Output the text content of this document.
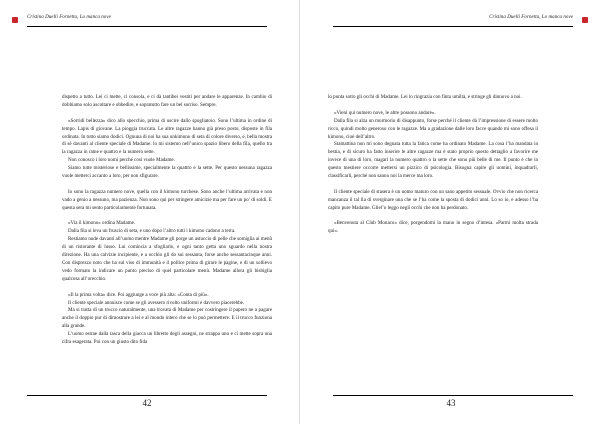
Cristina Duelli Fornetta, Lo manca nove

dispetto a tutto. Lei ci mette, ci consola, e ci dà tantibei vestiti per andare le apparenze. In cambio di dobbiamo solo ascoltare e obbedire, e sopratutto fare un bel sorriso. Sempre.

«Sorridi bellezza» dico allo specchio, prima di uscire dallo spogliatoio. Sono l’ultima in ordine di tempo. Lapis di giovane. La pioggia truccata. Le altre ragazze hanno già preso posto, disposte in fila ordinata. In tutto siamo dodici. Ognuna di noi ha sua unkimono di seta di colore diverso, e, bella mostra di sé davanti al cliente speciale di Madame. lo mi sistemo nell’unico spazio libero della fila, quello tra la ragazza in rame e quattro e la numero sette.

Non conosco i loro nomi perché così vuole Madame.

Siamo tutte misteriose e bellissime, specialmente la quattro e la sette. Per questo nessuna ragazza vuole metterci accanto a loro, per non sfigurare.

Io sono la ragazza numero nove, quella con il kimono turchese. Sono anche l’ultima arrivata e non vado a genio a nessuno, ma pazienza. Non sono qui per stringere amicizie ma per fare un po’ di soldi. E questa sera mi sento particolarmente fortunata.

«Via il kimono» ordina Madame.

Dalla fila si leva un fruscio di seta, e uno dopo l’altro tutti i kimono cadono a terra.

Restiamo nude davanti all’uomo mentre Madame gli porge un astuccio di pelle che somiglia ai menù di un ristorante di lusso. Lui comincia a sfogliarlo, e ogni tanto getta uno sguardo nella nostra direzione. Ha una calvizie incipiente, e a occhio gli do sui sessanta, forse anche sessantacinque anni. Con disprezzo noto che ha sul viso di immunità e il pollice prima di girare le pagine, e di un sollievo vedo formato la indicare un punto preciso di quel particolare menù. Madame allora gli bisbiglia qualcosa all’orecchio.

«Il la prima volta» dice. Poi aggiunge a voce più alta: «Conta di più».

Il cliente speciale annuisce come se gli avessero rivolto uniformi e davvero piacerebbe.

Ma si tratta di un trucco naturalmente, una trovata di Madame per costringere il papero ne a pagare anche il doppio pur di dimostrare a lei e al mondo intero che se lo può permettere. E il trucco funziona alla grande.

L’uomo estrae dalla tasca della giacca un libretto degli assegni, ne strappa uno e ci mette sopra una cifra esagerata. Poi con un giusto dito fida

42
Cristina Duelli Fornetta, Lo manca nove

lo punta sotto gli occhi di Madame. Lei lo ringrazia con finta umiltà, e stringe gli dinnovo a noi.

«Vieni qui numero nove, le altre possono andare».

Dalla fila si alza un mormorio di disappunto, forse perché il cliente dà l’impressione di essere molto ricco, quindi molto generoso con le ragazze. Ma a gradazione dalle loro facce quando mi sono offesa il kimono, cioè dell’altro.

Stamattina non mi sono degnata tutta la fatica come ha ordinato Madame. La cosa l’ha mandata in bestia, e di sicuro ha fatto inserire le altre ragazze ma è stato proprio questo dettaglio a favorire me invece di una di loro, magari la numero quattro o la sette che sono più belle di me. Il punto è che in questo mestiere occorre mettersi un pizzico di psicologia. Bisogna capire gli uomini, inquadrarli, classificarli, perché non sanno noi la merce ma loro.

Il cliente speciale di stasera è un uomo maturo con un sano appetito sessuale. Ovvio che non ricerca mancanza il tal lla di sverginare una che se l’ha come la sposta di dodici anni. Lo so io, e adesso l’ha capito pure Madame. Gliel’o leggo negli occhi che non ha perdonato.

«Benvenuta al Club Monaco» dice, porgendomi la mano in segno d’intesa. «Parmi molta strada qui».

43
